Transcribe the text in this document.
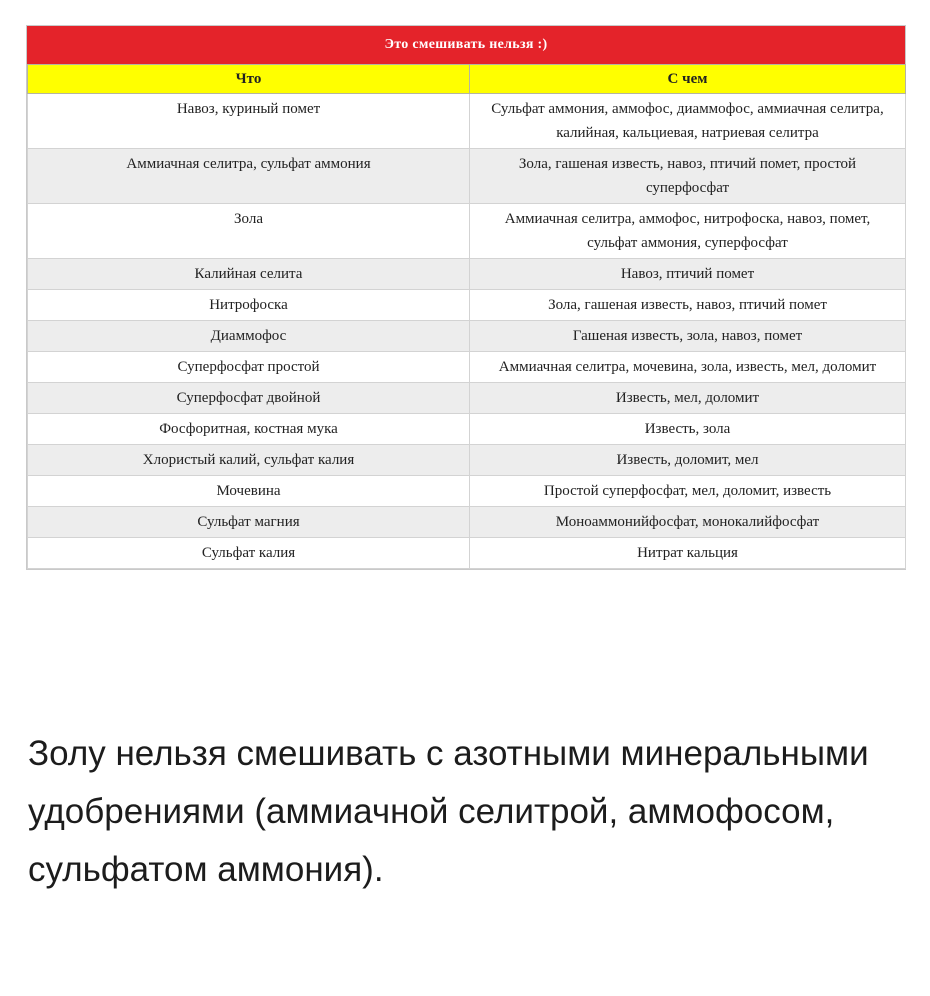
Это смешивать нельзя :)
Что	С чем
Навоз, куриный помет	Сульфат аммония, аммофос, диаммофос, аммиачная селитра, калийная, кальциевая, натриевая селитра
Аммиачная селитра, сульфат аммония	Зола, гашеная известь, навоз, птичий помет, простой суперфосфат
Зола	Аммиачная селитра, аммофос, нитрофоска, навоз, помет, сульфат аммония, суперфосфат
Калийная селита	Навоз, птичий помет
Нитрофоска	Зола, гашеная известь, навоз, птичий помет
Диаммофос	Гашеная известь, зола, навоз, помет
Суперфосфат простой	Аммиачная селитра, мочевина, зола, известь, мел, доломит
Суперфосфат двойной	Известь, мел, доломит
Фосфоритная, костная мука	Известь, зола
Хлористый калий, сульфат калия	Известь, доломит, мел
Мочевина	Простой суперфосфат, мел, доломит, известь
Сульфат магния	Моноаммонийфосфат, монокалийфосфат
Сульфат калия	Нитрат кальция

Золу нельзя смешивать с азотными минеральными удобрениями (аммиачной селитрой, аммофосом, сульфатом аммония).
